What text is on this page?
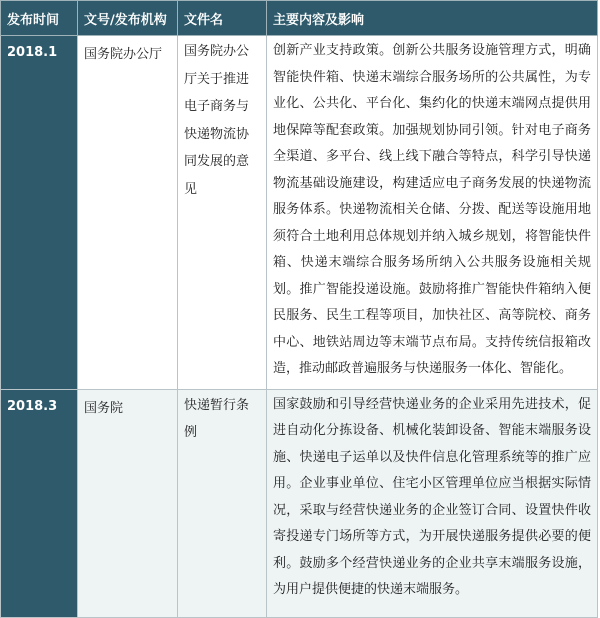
发布时间	文号/发布机构	文件名	主要内容及影响
2018.1	国务院办公厅	国务院办公厅关于推进电子商务与快递物流协同发展的意见	创新产业支持政策。创新公共服务设施管理方式，明确智能快件箱、快递末端综合服务场所的公共属性，为专业化、公共化、平台化、集约化的快递末端网点提供用地保障等配套政策。加强规划协同引领。针对电子商务全渠道、多平台、线上线下融合等特点，科学引导快递物流基础设施建设，构建适应电子商务发展的快递物流服务体系。快递物流相关仓储、分拨、配送等设施用地须符合土地利用总体规划并纳入城乡规划，将智能快件箱、快递末端综合服务场所纳入公共服务设施相关规划。推广智能投递设施。鼓励将推广智能快件箱纳入便民服务、民生工程等项目，加快社区、高等院校、商务中心、地铁站周边等末端节点布局。支持传统信报箱改造，推动邮政普遍服务与快递服务一体化、智能化。
2018.3	国务院	快递暂行条例	国家鼓励和引导经营快递业务的企业采用先进技术，促进自动化分拣设备、机械化装卸设备、智能末端服务设施、快递电子运单以及快件信息化管理系统等的推广应用。企业事业单位、住宅小区管理单位应当根据实际情况，采取与经营快递业务的企业签订合同、设置快件收寄投递专门场所等方式，为开展快递服务提供必要的便利。鼓励多个经营快递业务的企业共享末端服务设施，为用户提供便捷的快递末端服务。
